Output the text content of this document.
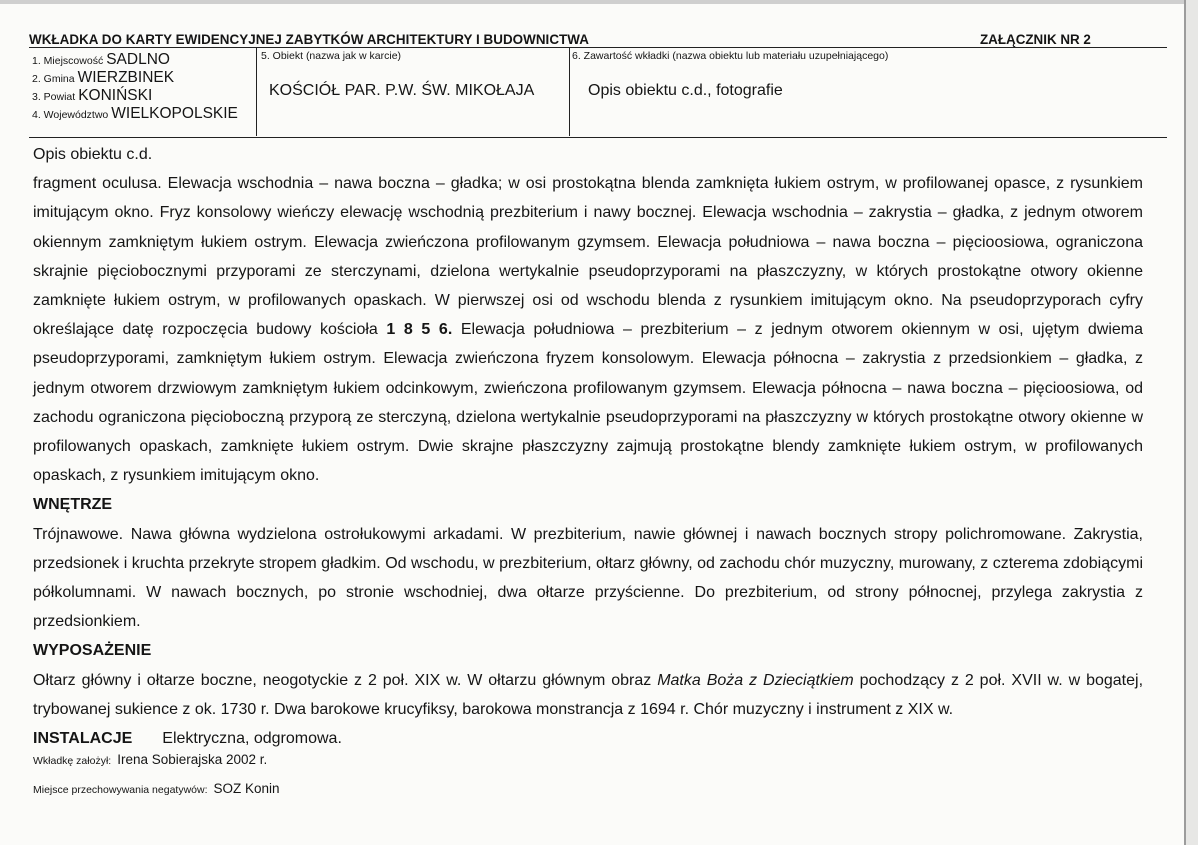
WKŁADKA DO KARTY EWIDENCYJNEJ ZABYTKÓW ARCHITEKTURY I BUDOWNICTWA	ZAŁĄCZNIK NR 2
1. Miejscowość SADLNO
2. Gmina WIERZBINEK
3. Powiat KONIŃSKI
4. Województwo WIELKOPOLSKIE
5. Obiekt (nazwa jak w karcie)
KOŚCIÓŁ PAR. P.W. ŚW. MIKOŁAJA
6. Zawartość wkładki (nazwa obiektu lub materiału uzupełniającego)
Opis obiektu c.d., fotografie

Opis obiektu c.d.

fragment oculusa. Elewacja wschodnia – nawa boczna – gładka; w osi prostokątna blenda zamknięta łukiem ostrym, w profilowanej opasce, z rysunkiem imitującym okno. Fryz konsolowy wieńczy elewację wschodnią prezbiterium i nawy bocznej. Elewacja wschodnia – zakrystia – gładka, z jednym otworem okiennym zamkniętym łukiem ostrym. Elewacja zwieńczona profilowanym gzymsem. Elewacja południowa – nawa boczna – pięcioosiowa, ograniczona skrajnie pięciobocznymi przyporami ze sterczynami, dzielona wertykalnie pseudoprzyporami na płaszczyzny, w których prostokątne otwory okienne zamknięte łukiem ostrym, w profilowanych opaskach. W pierwszej osi od wschodu blenda z rysunkiem imitującym okno. Na pseudoprzyporach cyfry określające datę rozpoczęcia budowy kościoła 1 8 5 6. Elewacja południowa – prezbiterium – z jednym otworem okiennym w osi, ujętym dwiema pseudoprzyporami, zamkniętym łukiem ostrym. Elewacja zwieńczona fryzem konsolowym. Elewacja północna – zakrystia z przedsionkiem – gładka, z jednym otworem drzwiowym zamkniętym łukiem odcinkowym, zwieńczona profilowanym gzymsem. Elewacja północna – nawa boczna – pięcioosiowa, od zachodu ograniczona pięcioboczną przyporą ze sterczyną, dzielona wertykalnie pseudoprzyporami na płaszczyzny w których prostokątne otwory okienne w profilowanych opaskach, zamknięte łukiem ostrym. Dwie skrajne płaszczyzny zajmują prostokątne blendy zamknięte łukiem ostrym, w profilowanych opaskach, z rysunkiem imitującym okno.

WNĘTRZE

Trójnawowe. Nawa główna wydzielona ostrołukowymi arkadami. W prezbiterium, nawie głównej i nawach bocznych stropy polichromowane. Zakrystia, przedsionek i kruchta przekryte stropem gładkim. Od wschodu, w prezbiterium, ołtarz główny, od zachodu chór muzyczny, murowany, z czterema zdobiącymi półkolumnami. W nawach bocznych, po stronie wschodniej, dwa ołtarze przyścienne. Do prezbiterium, od strony północnej, przylega zakrystia z przedsionkiem.

WYPOSAŻENIE

Ołtarz główny i ołtarze boczne, neogotyckie z 2 poł. XIX w. W ołtarzu głównym obraz Matka Boża z Dzieciątkiem pochodzący z 2 poł. XVII w. w bogatej, trybowanej sukience z ok. 1730 r. Dwa barokowe krucyfiksy, barokowa monstrancja z 1694 r. Chór muzyczny i instrument z XIX w.

INSTALACJE Elektryczna, odgromowa.

Wkładkę założył: Irena Sobierajska 2002 r.
Miejsce przechowywania negatywów: SOZ Konin
